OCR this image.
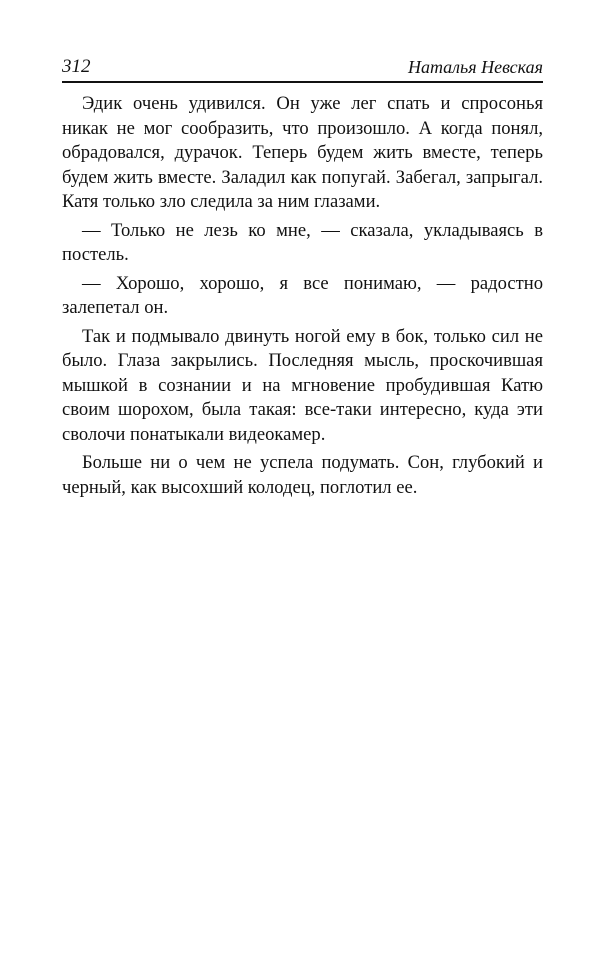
312	Наталья Невская

Эдик очень удивился. Он уже лег спать и спросонья никак не мог сообразить, что произошло. А когда понял, обрадовался, дурачок. Теперь будем жить вместе, теперь будем жить вместе. Заладил как попугай. Забегал, запрыгал. Катя только зло следила за ним глазами.

— Только не лезь ко мне, — сказала, укладываясь в постель.

— Хорошо, хорошо, я все понимаю, — радостно залепетал он.

Так и подмывало двинуть ногой ему в бок, только сил не было. Глаза закрылись. Последняя мысль, проскочившая мышкой в сознании и на мгновение пробудившая Катю своим шорохом, была такая: все-таки интересно, куда эти сволочи понатыкали видеокамер.

Больше ни о чем не успела подумать. Сон, глубокий и черный, как высохший колодец, поглотил ее.
